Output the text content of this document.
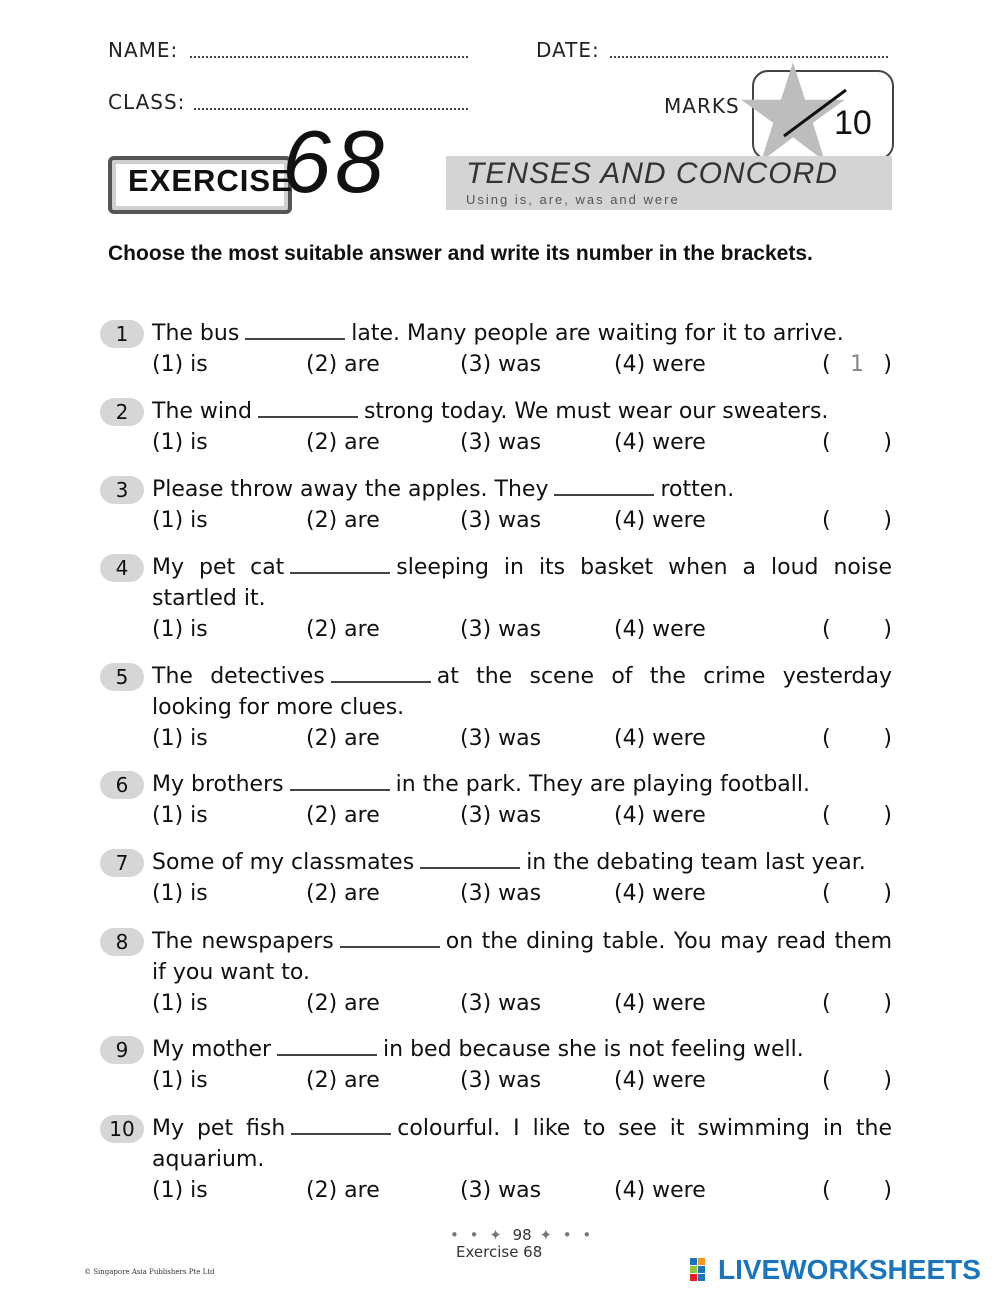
NAME:	DATE:
CLASS:	MARKS	10
EXERCISE
68	TENSES AND CONCORD
Using is, are, was and were
Choose the most suitable answer and write its number in the brackets.
1	The bus	late. Many people are waiting for it to arrive.
(1) is	(2) are	(3) was	(4) were	( 1 )
2	The wind	strong today. We must wear our sweaters.
(1) is	(2) are	(3) was	(4) were	( )
3	Please throw away the apples. They	rotten.
(1) is	(2) are	(3) was	(4) were	( )
4	My pet cat	sleeping in its basket when a loud noise startled it.
(1) is	(2) are	(3) was	(4) were	( )
5	The detectives	at the scene of the crime yesterday looking for more clues.
(1) is	(2) are	(3) was	(4) were	( )
6	My brothers	in the park. They are playing football.
(1) is	(2) are	(3) was	(4) were	( )
7	Some of my classmates	in the debating team last year.
(1) is	(2) are	(3) was	(4) were	( )
8	The newspapers	on the dining table. You may read them if you want to.
(1) is	(2) are	(3) was	(4) were	( )
9	My mother	in bed because she is not feeling well.
(1) is	(2) are	(3) was	(4) were	( )
10 My pet fish	colourful. I like to see it swimming in the aquarium.
(1) is	(2) are	(3) was	(4) were	( )
• • ✦ 98 ✦ • •
Exercise 68
© Singapore Asia Publishers Pte Ltd	LIVEWORKSHEETS
